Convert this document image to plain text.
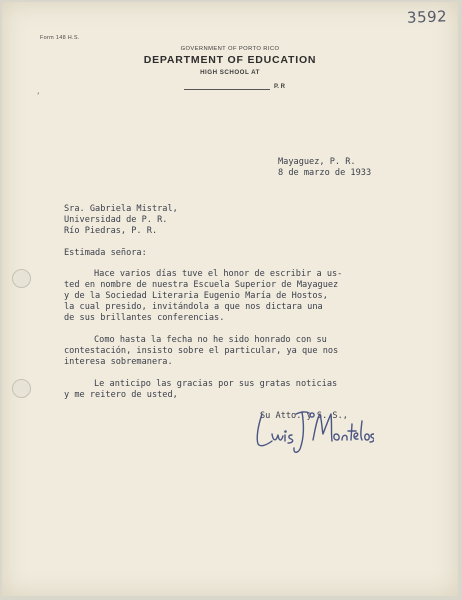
3592
Form 148 H.S.
GOVERNMENT OF PORTO RICO
DEPARTMENT OF EDUCATION
HIGH SCHOOL AT
P. R
’
Mayaguez, P. R.
8 de marzo de 1933
Sra. Gabriela Mistral,
Universidad de P. R.
Río Piedras, P. R.
Estimada señora:
Hace varios días tuve el honor de escribir a us-
ted en nombre de nuestra Escuela Superior de Mayaguez
y de la Sociedad Literaria Eugenio María de Hostos,
la cual presido, invitándola a que nos dictara una
de sus brillantes conferencias.
Como hasta la fecha no he sido honrado con su
contestación, insisto sobre el particular, ya que nos
interesa sobremanera.
Le anticipo las gracias por sus gratas noticias
y me reitero de usted,
Su Atto. y S. S.,
